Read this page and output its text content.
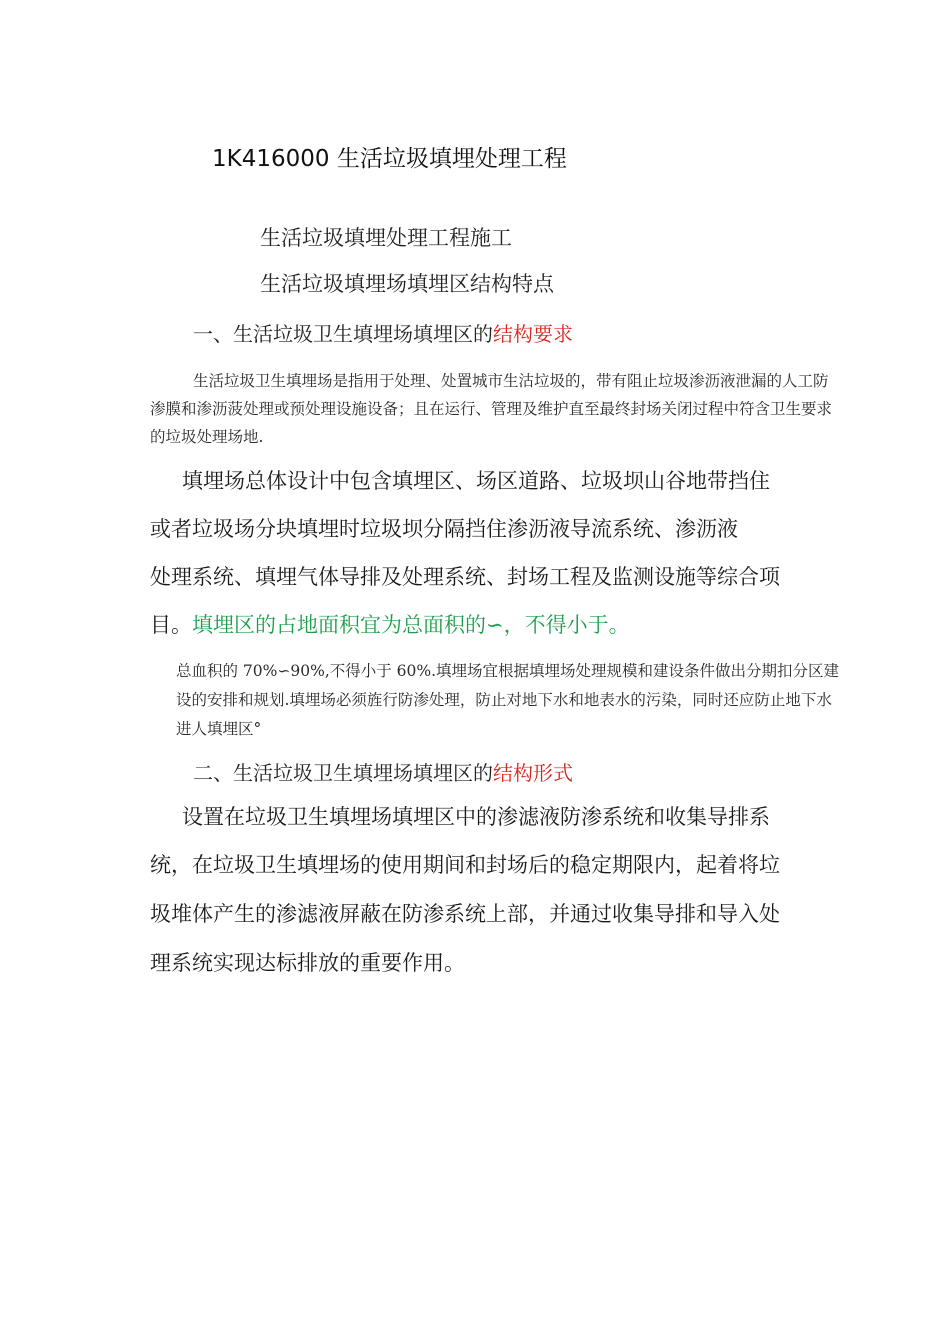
1K416000 生活垃圾填埋处理工程
生活垃圾填埋处理工程施工
生活垃圾填埋场填埋区结构特点
一、生活垃圾卫生填埋场填埋区的结构要求
生活垃圾卫生填埋场是指用于处理、处置城市生沽垃圾的，带有阻止垃圾渗沥液泄漏的人工防
渗膜和渗沥菠处理或预处理设施设备；且在运行、管理及维护直至最终封场关闭过程中符含卫生要求
的垃圾处理场地.
填埋场总体设计中包含填埋区、场区道路、垃圾坝山谷地带挡住
或者垃圾场分块填埋时垃圾坝分隔挡住渗沥液导流系统、渗沥液
处理系统、填埋气体导排及处理系统、封场工程及监测设施等综合项
目。填埋区的占地面积宜为总面积的∽，不得小于。
总血积的 70%∽90%,不得小于 60%.填埋场宜根据填埋场处理规模和建设条件做出分期扣分区建
设的安排和规划.填埋场必须旌行防渗处理，防止对地下水和地表水的污染，同时还应防止地下水
进人填埋区°
二、生活垃圾卫生填埋场填埋区的结构形式
设置在垃圾卫生填埋场填埋区中的渗滤液防渗系统和收集导排系
统，在垃圾卫生填埋场的使用期间和封场后的稳定期限内，起着将垃
圾堆体产生的渗滤液屏蔽在防渗系统上部，并通过收集导排和导入处
理系统实现达标排放的重要作用。
